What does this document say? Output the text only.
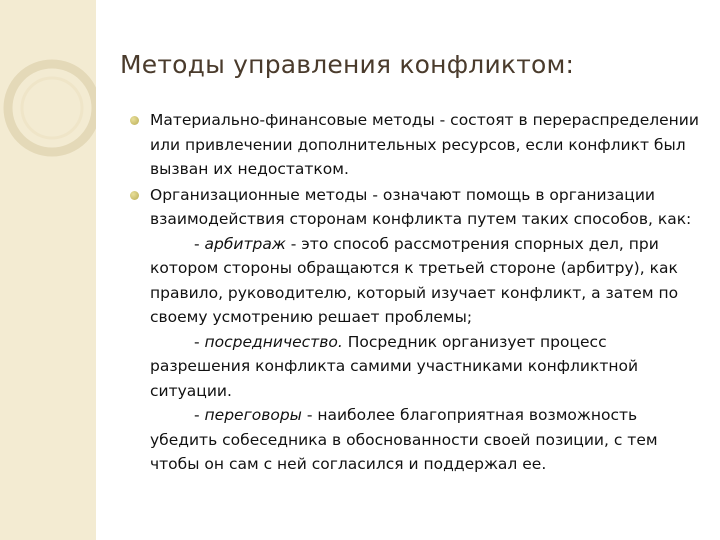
Методы управления конфликтом:
Материально-финансовые методы - состоят в перераспределении или привлечении дополнительных ресурсов, если конфликт был вызван их недостатком.
Организационные методы - означают помощь в организации взаимодействия сторонам конфликта путем таких способов, как:
- арбитраж - это способ рассмотрения спорных дел, при котором стороны обращаются к третьей стороне (арбитру), как правило, руководителю, который изучает конфликт, а затем по своему усмотрению решает проблемы;
- посредничество. Посредник организует процесс разрешения конфликта самими участниками конфликтной ситуации.
- переговоры - наиболее благоприятная возможность убедить собеседника в обоснованности своей позиции, с тем чтобы он сам с ней согласился и поддержал ее.
